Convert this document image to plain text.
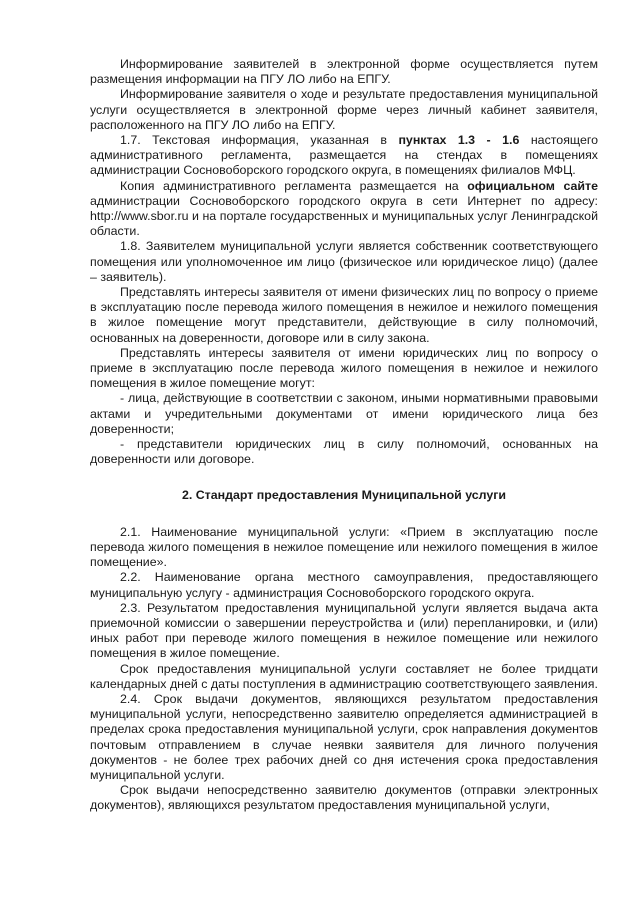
Информирование заявителей в электронной форме осуществляется путем размещения информации на ПГУ ЛО либо на ЕПГУ.

Информирование заявителя о ходе и результате предоставления муниципальной услуги осуществляется в электронной форме через личный кабинет заявителя, расположенного на ПГУ ЛО либо на ЕПГУ.

1.7. Текстовая информация, указанная в пунктах 1.3 - 1.6 настоящего административного регламента, размещается на стендах в помещениях администрации Сосновоборского городского округа, в помещениях филиалов МФЦ.

Копия административного регламента размещается на официальном сайте администрации Сосновоборского городского округа в сети Интернет по адресу: http://www.sbor.ru и на портале государственных и муниципальных услуг Ленинградской области.

1.8. Заявителем муниципальной услуги является собственник соответствующего помещения или уполномоченное им лицо (физическое или юридическое лицо) (далее – заявитель).

Представлять интересы заявителя от имени физических лиц по вопросу о приеме в эксплуатацию после перевода жилого помещения в нежилое и нежилого помещения в жилое помещение могут представители, действующие в силу полномочий, основанных на доверенности, договоре или в силу закона.

Представлять интересы заявителя от имени юридических лиц по вопросу о приеме в эксплуатацию после перевода жилого помещения в нежилое и нежилого помещения в жилое помещение могут:

- лица, действующие в соответствии с законом, иными нормативными правовыми актами и учредительными документами от имени юридического лица без доверенности;

- представители юридических лиц в силу полномочий, основанных на доверенности или договоре.

2. Стандарт предоставления Муниципальной услуги

2.1. Наименование муниципальной услуги: «Прием в эксплуатацию после перевода жилого помещения в нежилое помещение или нежилого помещения в жилое помещение».

2.2. Наименование органа местного самоуправления, предоставляющего муниципальную услугу - администрация Сосновоборского городского округа.

2.3. Результатом предоставления муниципальной услуги является выдача акта приемочной комиссии о завершении переустройства и (или) перепланировки, и (или) иных работ при переводе жилого помещения в нежилое помещение или нежилого помещения в жилое помещение.

Срок предоставления муниципальной услуги составляет не более тридцати календарных дней с даты поступления в администрацию соответствующего заявления.

2.4. Срок выдачи документов, являющихся результатом предоставления муниципальной услуги, непосредственно заявителю определяется администрацией в пределах срока предоставления муниципальной услуги, срок направления документов почтовым отправлением в случае неявки заявителя для личного получения документов - не более трех рабочих дней со дня истечения срока предоставления муниципальной услуги.

Срок выдачи непосредственно заявителю документов (отправки электронных документов), являющихся результатом предоставления муниципальной услуги,
